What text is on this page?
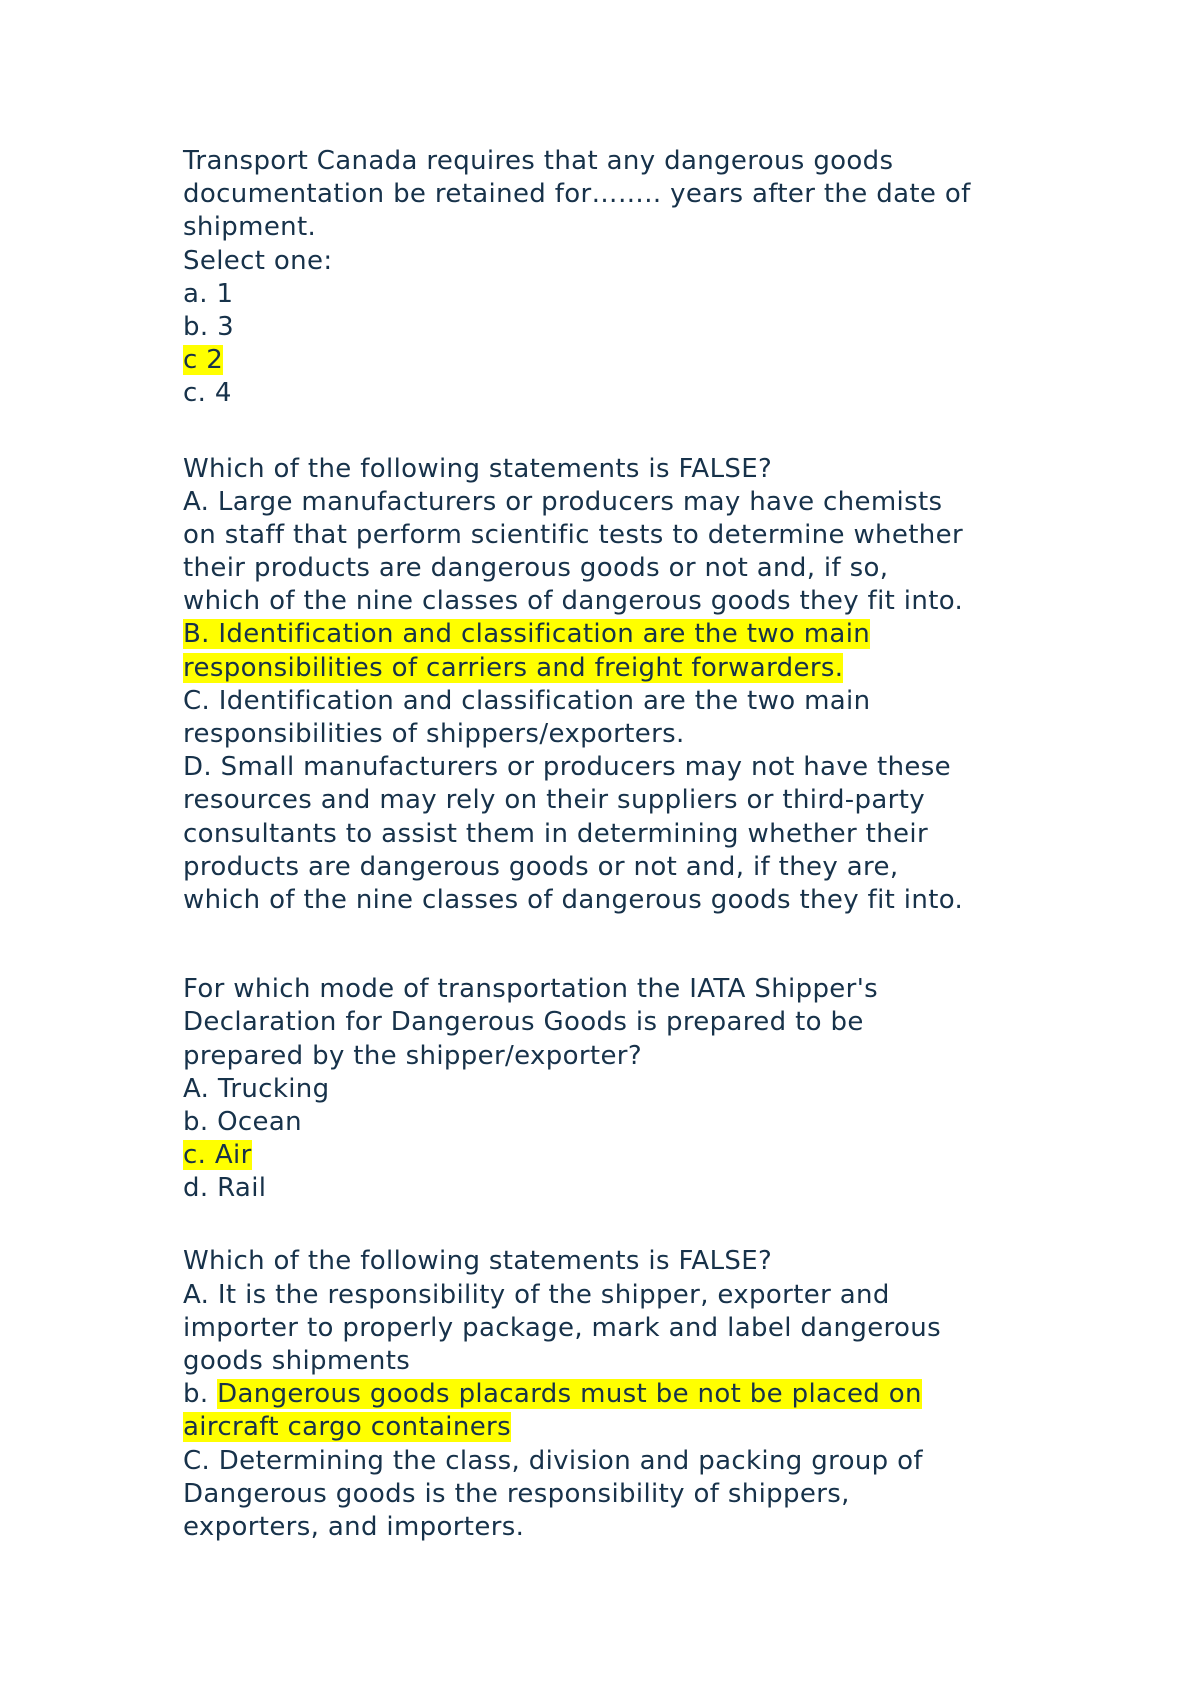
Transport Canada requires that any dangerous goods
documentation be retained for…….. years after the date of
shipment.
Select one:
a. 1
b. 3
c 2
c. 4
Which of the following statements is FALSE?
A. Large manufacturers or producers may have chemists
on staff that perform scientific tests to determine whether
their products are dangerous goods or not and, if so,
which of the nine classes of dangerous goods they fit into.
B. Identification and classification are the two main
responsibilities of carriers and freight forwarders.
C. Identification and classification are the two main
responsibilities of shippers/exporters.
D. Small manufacturers or producers may not have these
resources and may rely on their suppliers or third-party
consultants to assist them in determining whether their
products are dangerous goods or not and, if they are,
which of the nine classes of dangerous goods they fit into.
For which mode of transportation the IATA Shipper's
Declaration for Dangerous Goods is prepared to be
prepared by the shipper/exporter?
A. Trucking
b. Ocean
c. Air
d. Rail
Which of the following statements is FALSE?
A. It is the responsibility of the shipper, exporter and
importer to properly package, mark and label dangerous
goods shipments
b. Dangerous goods placards must be not be placed on
aircraft cargo containers
C. Determining the class, division and packing group of
Dangerous goods is the responsibility of shippers,
exporters, and importers.
